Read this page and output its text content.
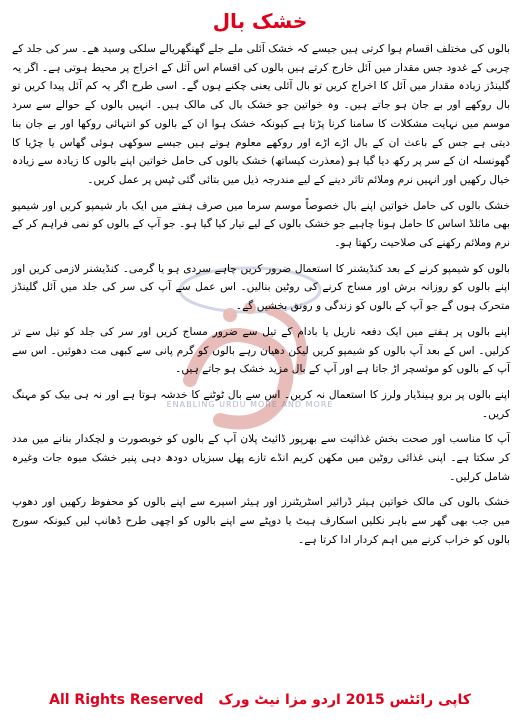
خشک بال
ENABLING URDU MORE AND MORE

بالوں کی مختلف اقسام ہوا کرتی ہیں جیسے کہ خشک آئلی ملے جلے گھنگھریالے سلکی وسید ھے۔ سر کی جلد کے چربی کے غدود جس مقدار میں آئل خارج کرتے ہیں بالوں کی اقسام اس آئل کے اخراج پر محیط ہوتی ہے۔ اگر یہ گلینڈز زیادہ مقدار میں آئل کا اخراج کریں تو بال آئلی یعنی چکنے ہوں گے۔ اسی طرح اگر یہ کم آئل پیدا کریں تو بال روکھے اور بے جان ہو جاتے ہیں۔ وہ خواتین جو خشک بال کی مالک ہیں۔ انہیں بالوں کے حوالے سے سرد موسم میں نہایت مشکلات کا سامنا کرنا پڑتا ہے کیونکہ خشک ہوا ان کے بالوں کو انتہائی روکھا اور بے جان بنا دیتی ہے جس کے باعث ان کے بال اڑے اڑے اور روکھے معلوم ہوتے ہیں جیسے سوکھی ہوئی گھاس یا چڑیا کا گھونسلہ ان کے سر پر رکھ دیا گیا ہو (معذرت کیساتھ) خشک بالوں کی حامل خواتین اپنے بالوں کا زیادہ سے زیادہ خیال رکھیں اور انہیں نرم وملائم تاثر دینے کے لیے مندرجہ ذیل میں بتائی گئی ٹپس پر عمل کریں۔

خشک بالوں کی حامل خواتین اپنے بال خصوصاً موسم سرما میں صرف ہفتے میں ایک بار شیمپو کریں اور شیمپو بھی مائلڈ اساس کا حامل ہونا چاہیے جو خشک بالوں کے لیے تیار کیا گیا ہو۔ جو آپ کے بالوں کو نمی فراہم کر کے نرم وملائم رکھنے کی صلاحیت رکھتا ہو۔

بالوں کو شیمپو کرنے کے بعد کنڈیشنر کا استعمال ضرور کریں چاہے سردی ہو یا گرمی۔ کنڈیشنر لازمی کریں اور اپنے بالوں کو روزانہ برش اور مساج کرنے کی روٹین بنالیں۔ اس عمل سے آپ کی سر کی جلد میں آئل گلینڈز متحرک ہوں گے جو آپ کے بالوں کو زندگی و رونق بخشیں گے۔

اپنے بالوں پر ہفتے میں ایک دفعہ ناریل یا بادام کے تیل سے ضرور مساج کریں اور سر کی جلد کو تیل سے تر کرلیں۔ اس کے بعد آپ بالوں کو شیمپو کریں لیکن دھیان رہے بالوں کو گرم پانی سے کبھی مت دھوئیں۔ اس سے آپ کے بالوں کو موئسچر اڑ جاتا ہے اور آپ کے بال مزید خشک ہو جاتے ہیں۔

اپنے بالوں پر برو ہینڈیار ولرز کا استعمال نہ کریں۔ اس سے بال ٹوٹنے کا خدشہ ہوتا ہے اور نہ ہی بیک کو مہنگ کریں۔

آپ کا مناسب اور صحت بخش غذائیت سے بھرپور ڈائیٹ پلان آپ کے بالوں کو خوبصورت و لچکدار بنانے میں مدد کر سکتا ہے۔ اپنی غذائی روٹین میں مکھن کریم انڈے تازے پھل سبزیاں دودھ دہی پنیر خشک میوہ جات وغیرہ شامل کرلیں۔

خشک بالوں کی مالک خواتین ہیئر ڈرائیر اسٹریٹنرز اور ہیئر اسپرے سے اپنے بالوں کو محفوظ رکھیں اور دھوپ میں جب بھی گھر سے باہر نکلیں اسکارف ہیٹ یا دوپٹے سے اپنے بالوں کو اچھی طرح ڈھانپ لیں کیونکہ سورج بالوں کو خراب کرنے میں اہم کردار ادا کرتا ہے۔

All Rights Reserved کاپی رائٹس 2015 اردو مزا نیٹ ورک
